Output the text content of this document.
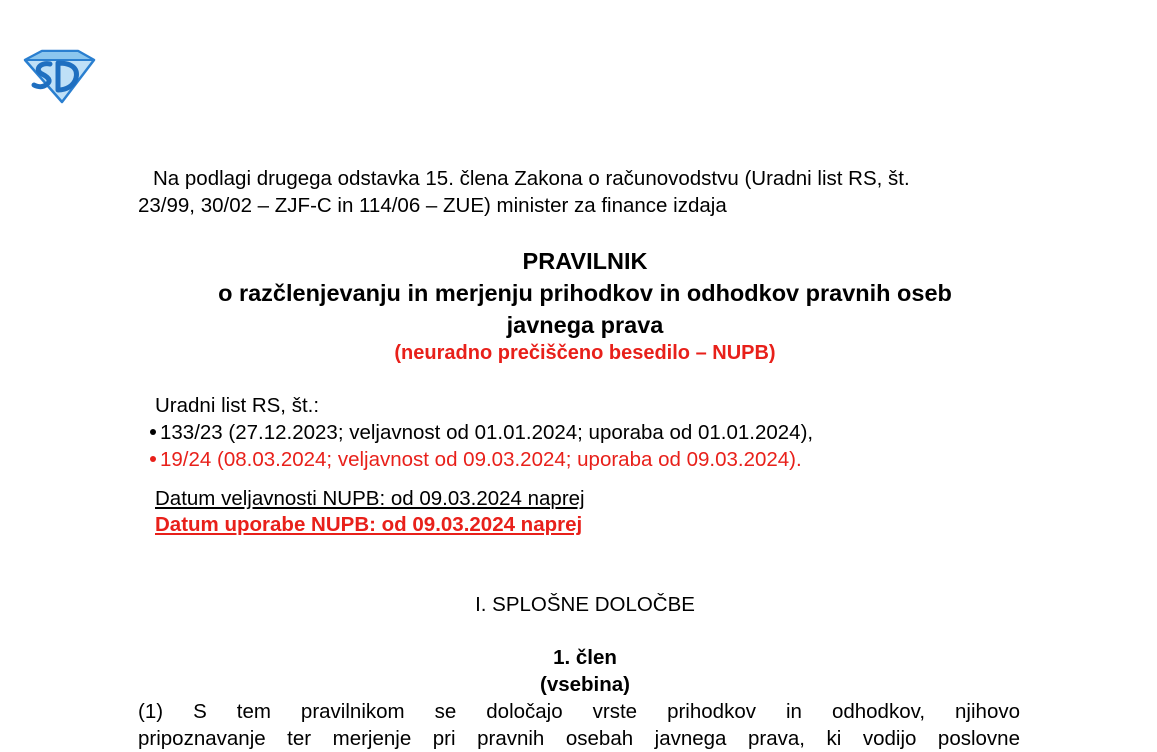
Na podlagi drugega odstavka 15. člena Zakona o računovodstvu (Uradni list RS, št.
23/99, 30/02 – ZJF-C in 114/06 – ZUE) minister za finance izdaja
PRAVILNIK
o razčlenjevanju in merjenju prihodkov in odhodkov pravnih oseb
javnega prava
(neuradno prečiščeno besedilo – NUPB)
Uradni list RS, št.:
133/23 (27.12.2023; veljavnost od 01.01.2024; uporaba od 01.01.2024),
19/24 (08.03.2024; veljavnost od 09.03.2024; uporaba od 09.03.2024).
Datum veljavnosti NUPB: od 09.03.2024 naprej
Datum uporabe NUPB: od 09.03.2024 naprej
I. SPLOŠNE DOLOČBE
1. člen
(vsebina)
(1) S tem pravilnikom se določajo vrste prihodkov in odhodkov, njihovo
pripoznavanje ter merjenje pri pravnih osebah javnega prava, ki vodijo poslovne
